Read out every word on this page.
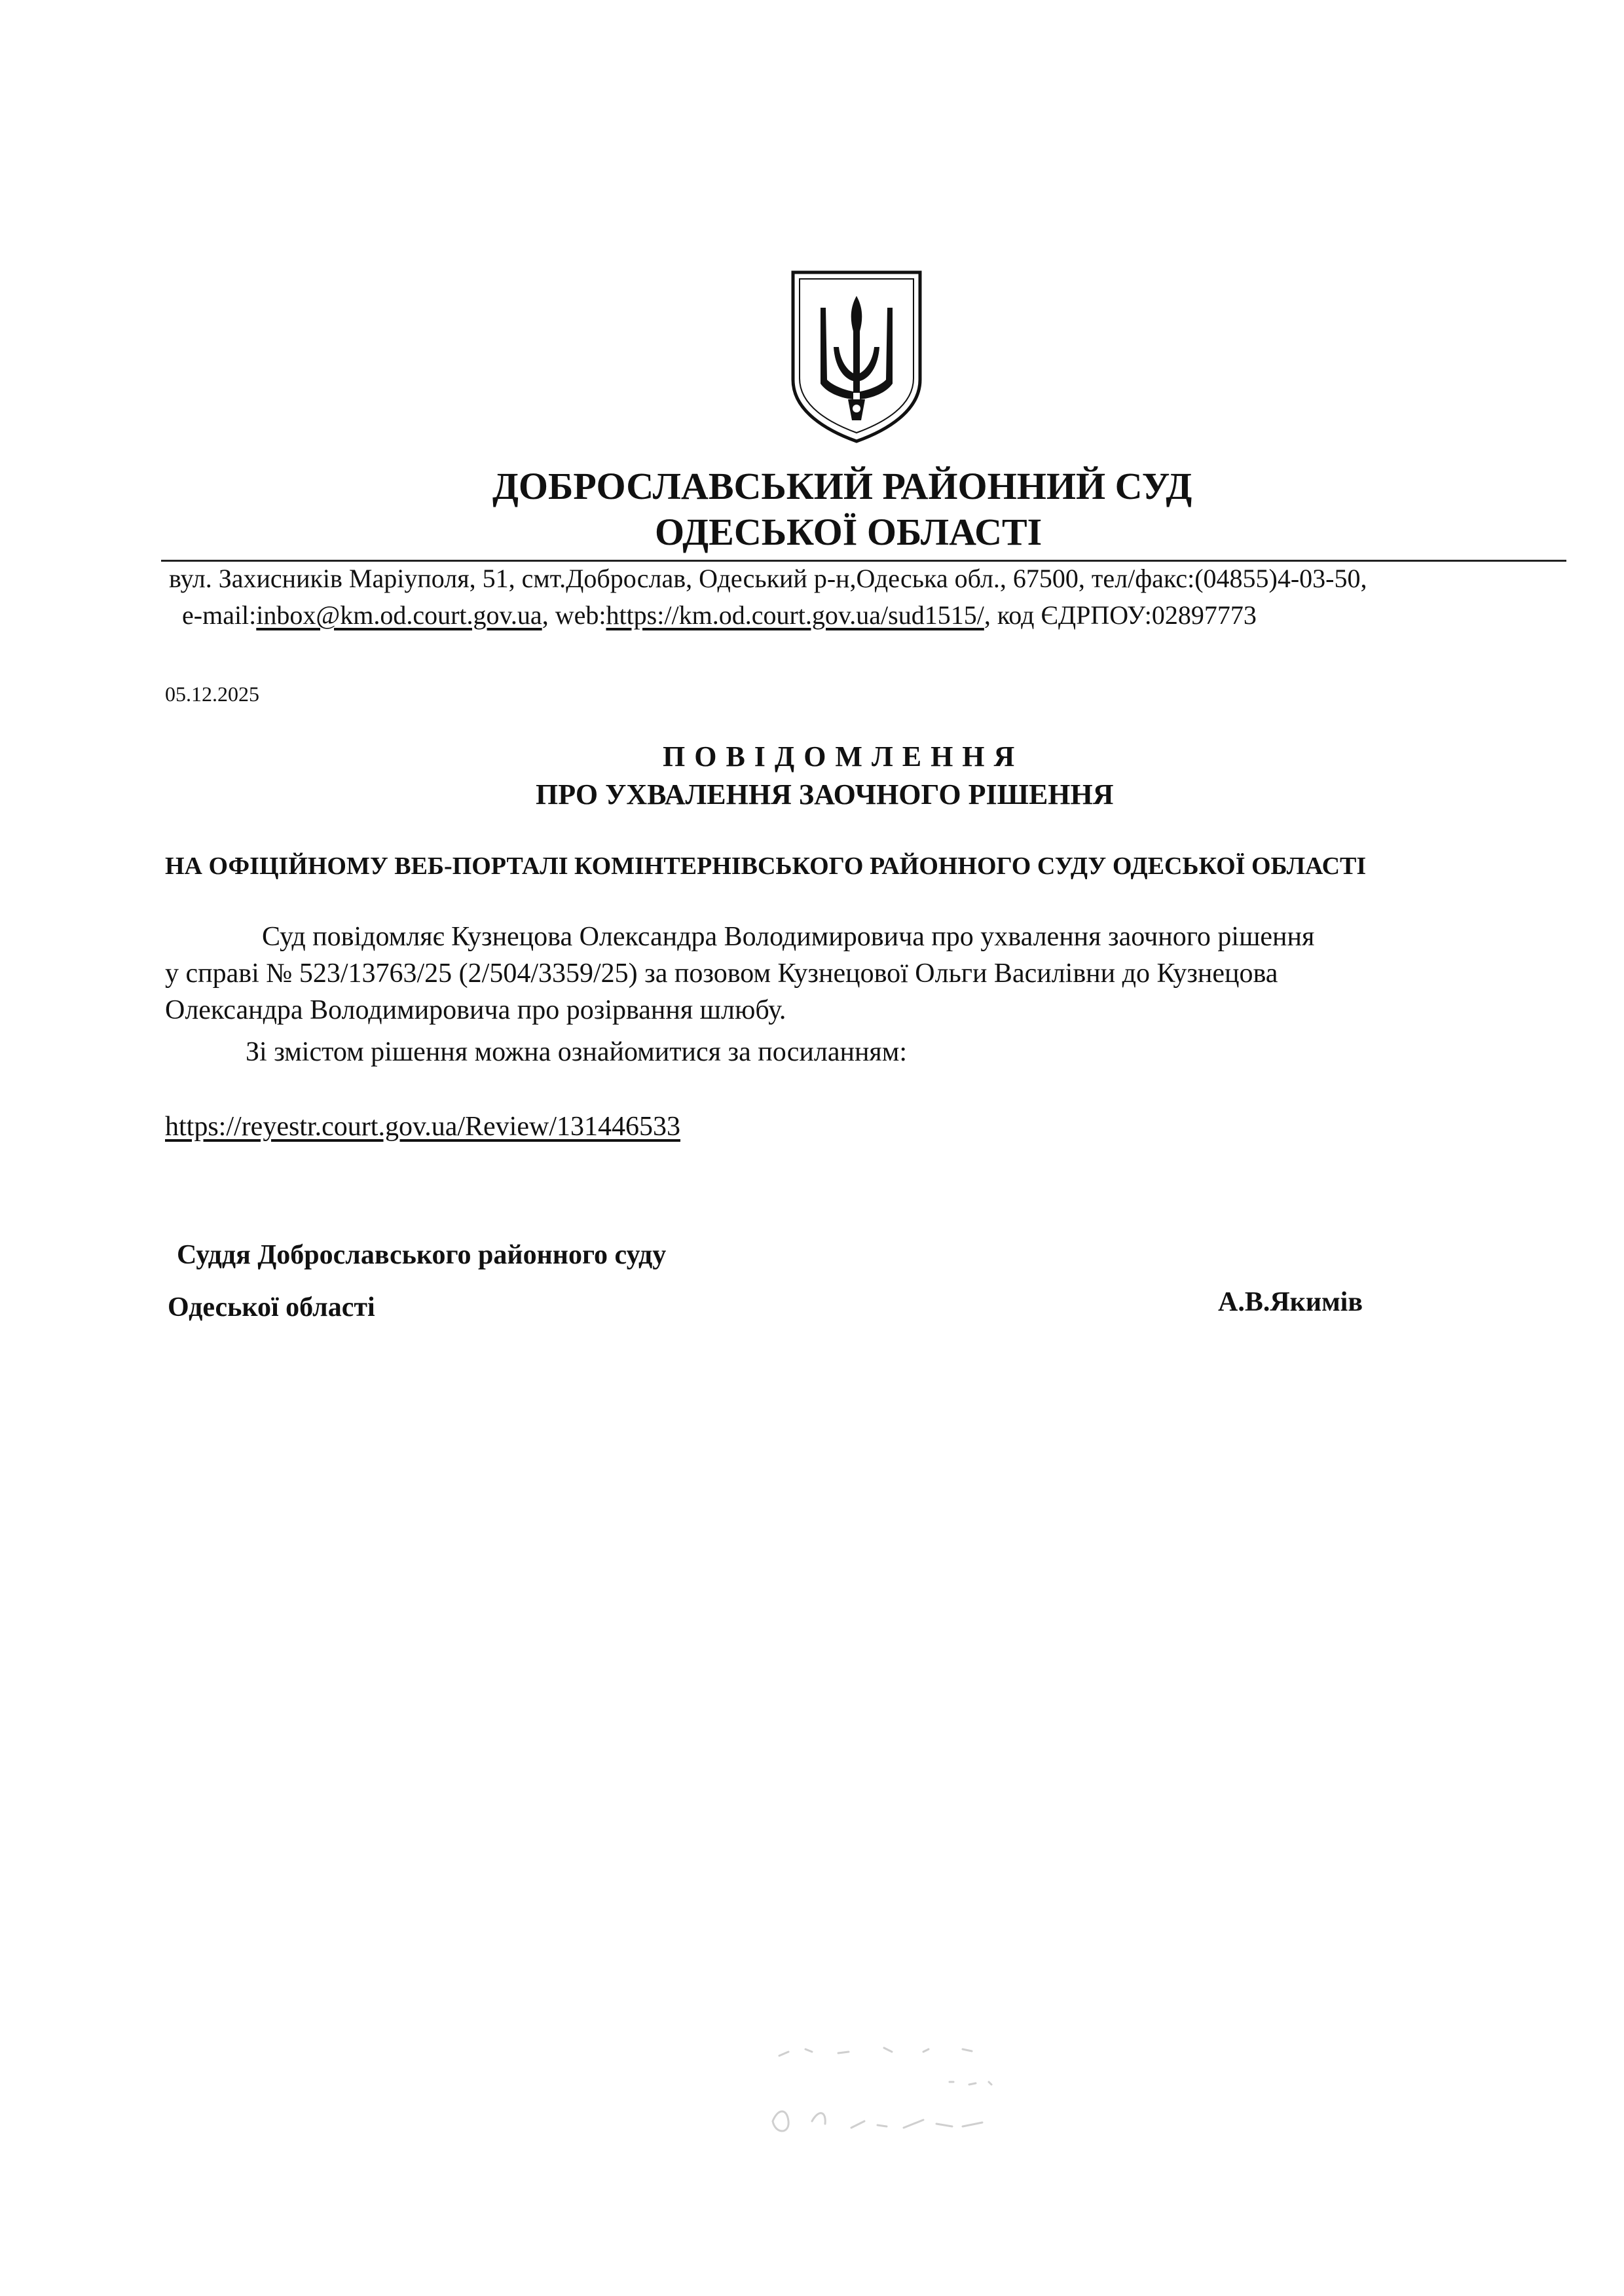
ДОБРОСЛАВСЬКИЙ РАЙОННИЙ СУД
ОДЕСЬКОЇ ОБЛАСТІ
вул. Захисників Маріуполя, 51, смт.Доброслав, Одеський р-н,Одеська обл., 67500, тел/факс:(04855)4-03-50,
e-mail:inbox@km.od.court.gov.ua, web:https://km.od.court.gov.ua/sud1515/, код ЄДРПОУ:02897773
05.12.2025
ПОВІДОМЛЕННЯ
ПРО УХВАЛЕННЯ ЗАОЧНОГО РІШЕННЯ
НА ОФІЦІЙНОМУ ВЕБ-ПОРТАЛІ КОМІНТЕРНІВСЬКОГО РАЙОННОГО СУДУ ОДЕСЬКОЇ ОБЛАСТІ
Суд повідомляє Кузнецова Олександра Володимировича про ухвалення заочного рішення
у справі № 523/13763/25 (2/504/3359/25) за позовом Кузнецової Ольги Василівни до Кузнецова
Олександра Володимировича про розірвання шлюбу.
Зі змістом рішення можна ознайомитися за посиланням:
https://reyestr.court.gov.ua/Review/131446533
Суддя Доброславського районного суду
Одеської області	А.В.Якимів
